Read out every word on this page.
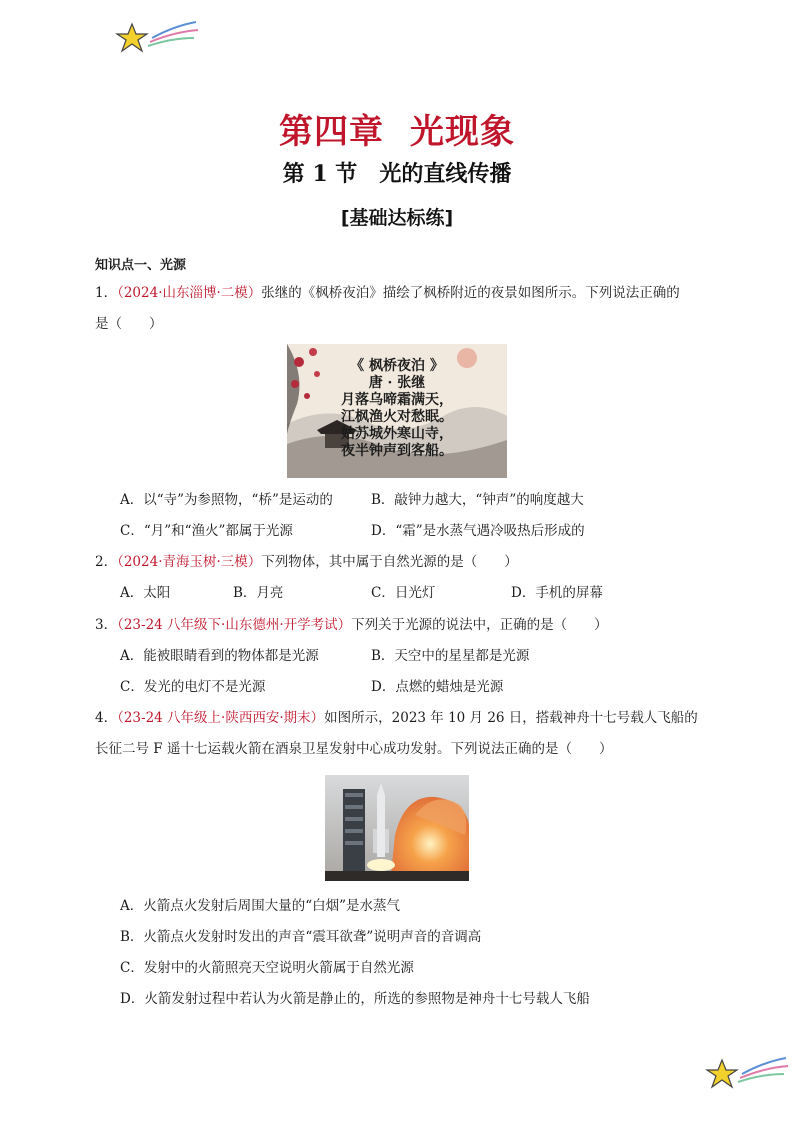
第四章 光现象
第 1 节 光的直线传播
[基础达标练]
知识点一、光源
1．（2024·山东淄博·二模）张继的《枫桥夜泊》描绘了枫桥附近的夜景如图所示。下列说法正确的
是（　　）
《 枫桥夜泊 》
唐 · 张继
月落乌啼霜满天，
江枫渔火对愁眠。
姑苏城外寒山寺，
夜半钟声到客船。
A．以“寺”为参照物，“桥”是运动的	B．敲钟力越大，“钟声”的响度越大
C．“月”和“渔火”都属于光源	D．“霜”是水蒸气遇冷吸热后形成的
2．（2024·青海玉树·三模）下列物体，其中属于自然光源的是（　　）
A．太阳	B．月亮	C．日光灯	D．手机的屏幕
3．（23-24 八年级下·山东德州·开学考试）下列关于光源的说法中，正确的是（　　）
A．能被眼睛看到的物体都是光源	B．天空中的星星都是光源
C．发光的电灯不是光源	D．点燃的蜡烛是光源
4．（23-24 八年级上·陕西西安·期末）如图所示，2023 年 10 月 26 日，搭载神舟十七号载人飞船的
长征二号 F 遥十七运载火箭在酒泉卫星发射中心成功发射。下列说法正确的是（　　）
A．火箭点火发射后周围大量的“白烟”是水蒸气
B．火箭点火发射时发出的声音“震耳欲聋”说明声音的音调高
C．发射中的火箭照亮天空说明火箭属于自然光源
D．火箭发射过程中若认为火箭是静止的，所选的参照物是神舟十七号载人飞船
